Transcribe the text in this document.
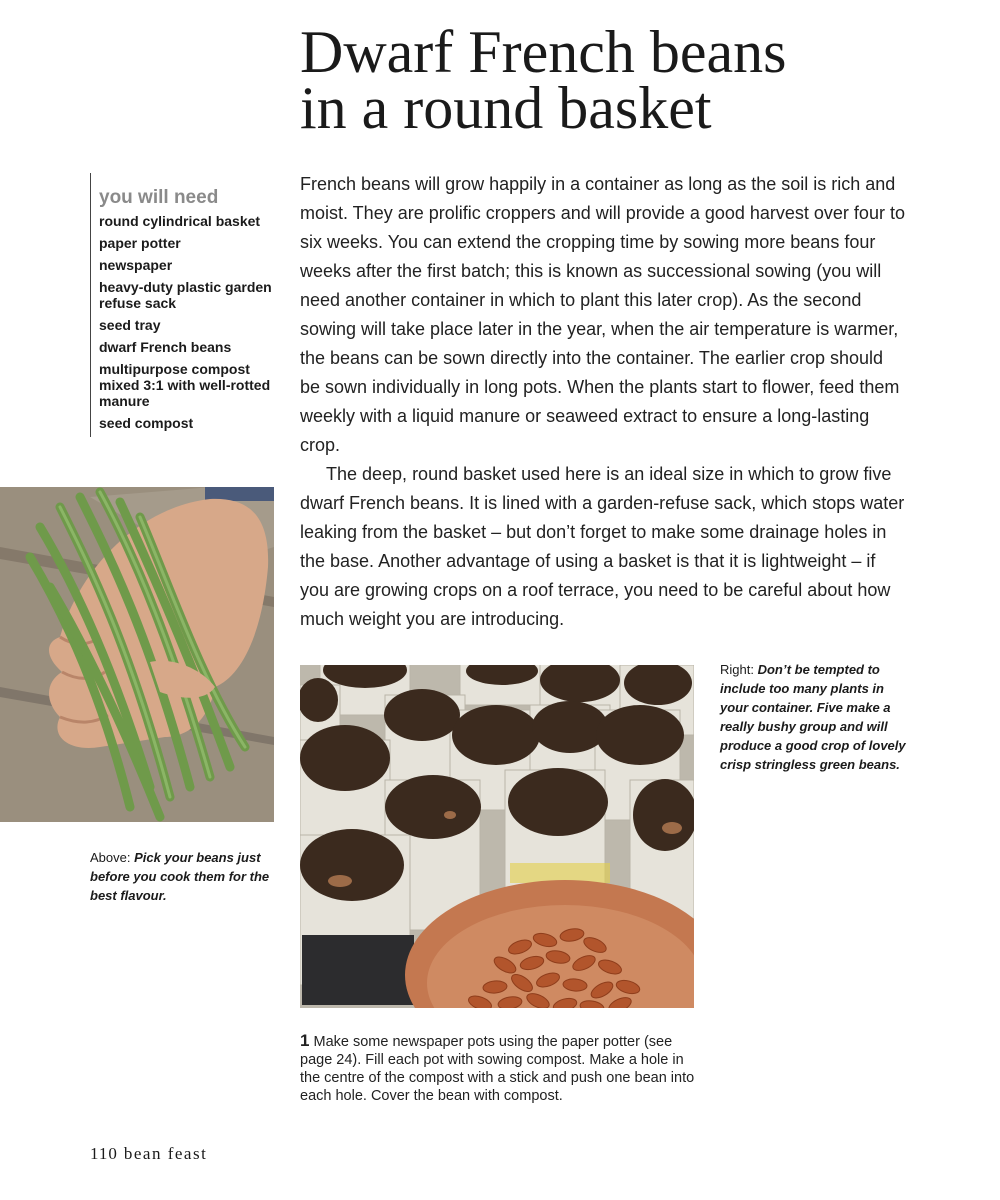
Dwarf French beans
in a round basket
you will need
round cylindrical basket
paper potter
newspaper
heavy-duty plastic garden refuse sack
seed tray
dwarf French beans
multipurpose compost mixed 3:1 with well-rotted manure
seed compost

French beans will grow happily in a container as long as the soil is rich and moist. They are prolific croppers and will provide a good harvest over four to six weeks. You can extend the cropping time by sowing more beans four weeks after the first batch; this is known as successional sowing (you will need another container in which to plant this later crop). As the second sowing will take place later in the year, when the air temperature is warmer, the beans can be sown directly into the container. The earlier crop should be sown individually in long pots. When the plants start to flower, feed them weekly with a liquid manure or seaweed extract to ensure a long-lasting crop.

The deep, round basket used here is an ideal size in which to grow five dwarf French beans. It is lined with a garden-refuse sack, which stops water leaking from the basket – but don’t forget to make some drainage holes in the base. Another advantage of using a basket is that it is lightweight – if you are growing crops on a roof terrace, you need to be careful about how much weight you are introducing.

Above: Pick your beans just before you cook them for the best flavour.
Right: Don’t be tempted to include too many plants in your container. Five make a really bushy group and will produce a good crop of lovely crisp stringless green beans.
1 Make some newspaper pots using the paper potter (see page 24). Fill each pot with sowing compost. Make a hole in the centre of the compost with a stick and push one bean into each hole. Cover the bean with compost.
110 bean feast
